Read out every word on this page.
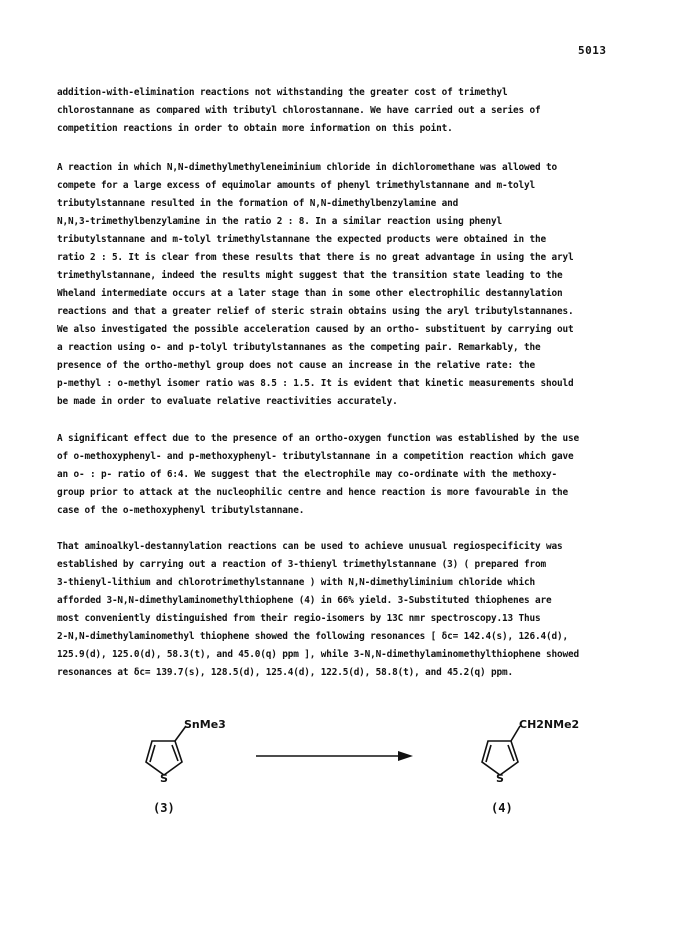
5013
addition-with-elimination reactions not withstanding the greater cost of trimethyl
chlorostannane as compared with tributyl chlorostannane. We have carried out a series of
competition reactions in order to obtain more information on this point.
A reaction in which N,N-dimethylmethyleneiminium chloride in dichloromethane was allowed to
compete for a large excess of equimolar amounts of phenyl trimethylstannane and m-tolyl
tributylstannane resulted in the formation of N,N-dimethylbenzylamine and
N,N,3-trimethylbenzylamine in the ratio 2 : 8. In a similar reaction using phenyl
tributylstannane and m-tolyl trimethylstannane the expected products were obtained in the
ratio 2 : 5. It is clear from these results that there is no great advantage in using the aryl
trimethylstannane, indeed the results might suggest that the transition state leading to the
Wheland intermediate occurs at a later stage than in some other electrophilic destannylation
reactions and that a greater relief of steric strain obtains using the aryl tributylstannanes.
We also investigated the possible acceleration caused by an ortho- substituent by carrying out
a reaction using o- and p-tolyl tributylstannanes as the competing pair. Remarkably, the
presence of the ortho-methyl group does not cause an increase in the relative rate: the
p-methyl : o-methyl isomer ratio was 8.5 : 1.5. It is evident that kinetic measurements should
be made in order to evaluate relative reactivities accurately.
A significant effect due to the presence of an ortho-oxygen function was established by the use
of o-methoxyphenyl- and p-methoxyphenyl- tributylstannane in a competition reaction which gave
an o- : p- ratio of 6:4. We suggest that the electrophile may co-ordinate with the methoxy-
group prior to attack at the nucleophilic centre and hence reaction is more favourable in the
case of the o-methoxyphenyl tributylstannane.
That aminoalkyl-destannylation reactions can be used to achieve unusual regiospecificity was
established by carrying out a reaction of 3-thienyl trimethylstannane (3) ( prepared from
3-thienyl-lithium and chlorotrimethylstannane ) with N,N-dimethyliminium chloride which
afforded 3-N,N-dimethylaminomethylthiophene (4) in 66% yield. 3-Substituted thiophenes are
most conveniently distinguished from their regio-isomers by 13C nmr spectroscopy.13 Thus
2-N,N-dimethylaminomethyl thiophene showed the following resonances [ δc= 142.4(s), 126.4(d),
125.9(d), 125.0(d), 58.3(t), and 45.0(q) ppm ], while 3-N,N-dimethylaminomethylthiophene showed
resonances at δc= 139.7(s), 128.5(d), 125.4(d), 122.5(d), 58.8(t), and 45.2(q) ppm.
S
SnMe3
S
CH2NMe2
(3)	(4)
